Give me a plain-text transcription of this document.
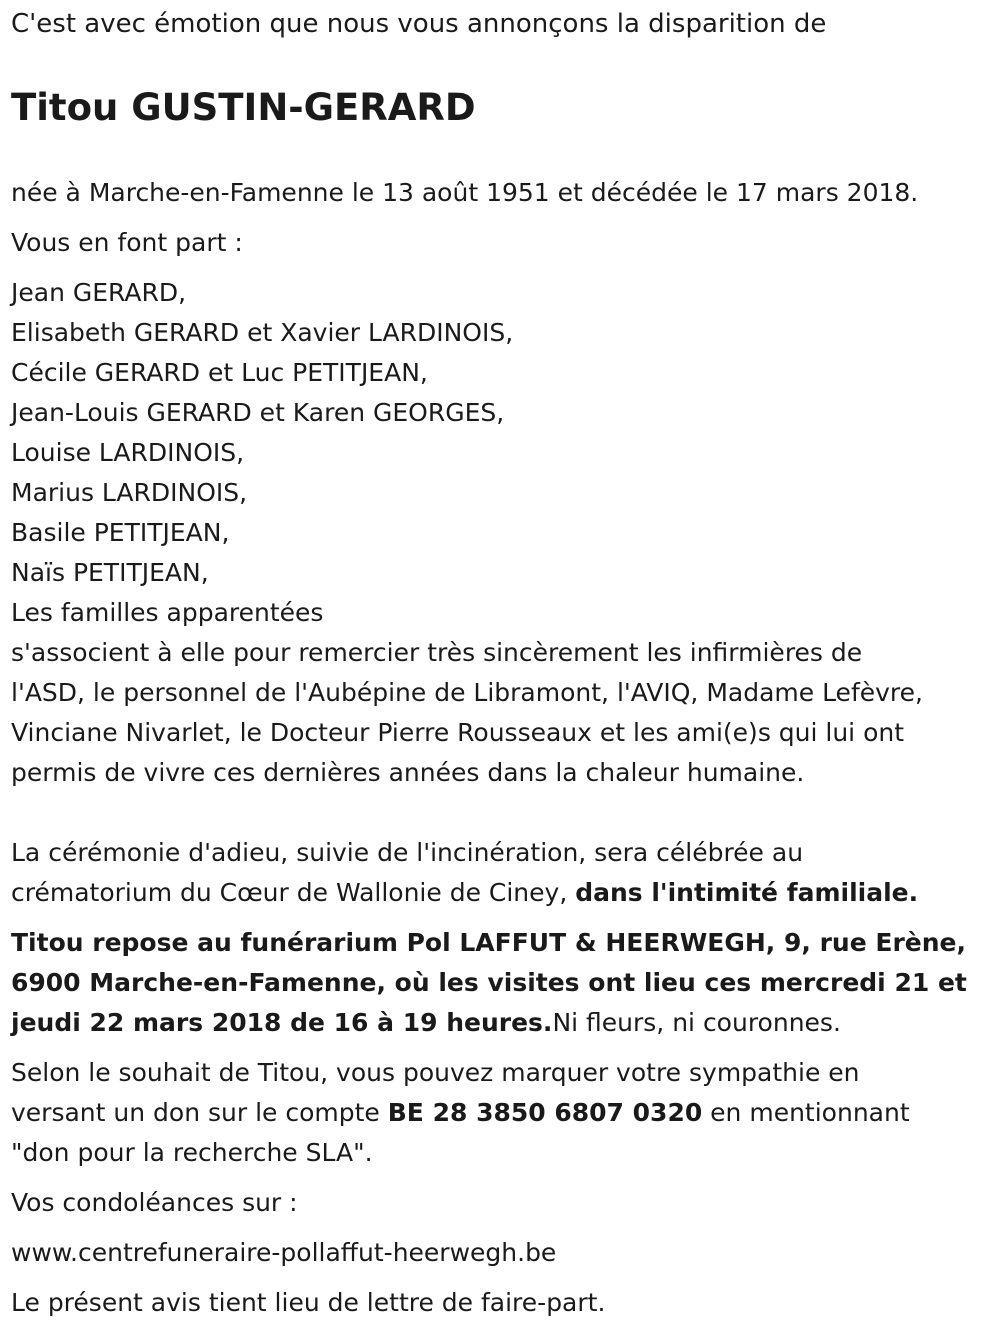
C'est avec émotion que nous vous annonçons la disparition de
Titou GUSTIN-GERARD

née à Marche-en-Famenne le 13 août 1951 et décédée le 17 mars 2018.

Vous en font part :

Jean GERARD,
Elisabeth GERARD et Xavier LARDINOIS,
Cécile GERARD et Luc PETITJEAN,
Jean-Louis GERARD et Karen GEORGES,
Louise LARDINOIS,
Marius LARDINOIS,
Basile PETITJEAN,
Naïs PETITJEAN,
Les familles apparentées
s'associent à elle pour remercier très sincèrement les infirmières de
l'ASD, le personnel de l'Aubépine de Libramont, l'AVIQ, Madame Lefèvre,
Vinciane Nivarlet, le Docteur Pierre Rousseaux et les ami(e)s qui lui ont
permis de vivre ces dernières années dans la chaleur humaine.
La cérémonie d'adieu, suivie de l'incinération, sera célébrée au
crématorium du Cœur de Wallonie de Ciney, dans l'intimité familiale.

Titou repose au funérarium Pol LAFFUT & HEERWEGH, 9, rue Erène,
6900 Marche-en-Famenne, où les visites ont lieu ces mercredi 21 et
jeudi 22 mars 2018 de 16 à 19 heures.Ni fleurs, ni couronnes.

Selon le souhait de Titou, vous pouvez marquer votre sympathie en
versant un don sur le compte BE 28 3850 6807 0320 en mentionnant
"don pour la recherche SLA".

Vos condoléances sur :

www.centrefuneraire-pollaffut-heerwegh.be

Le présent avis tient lieu de lettre de faire-part.
